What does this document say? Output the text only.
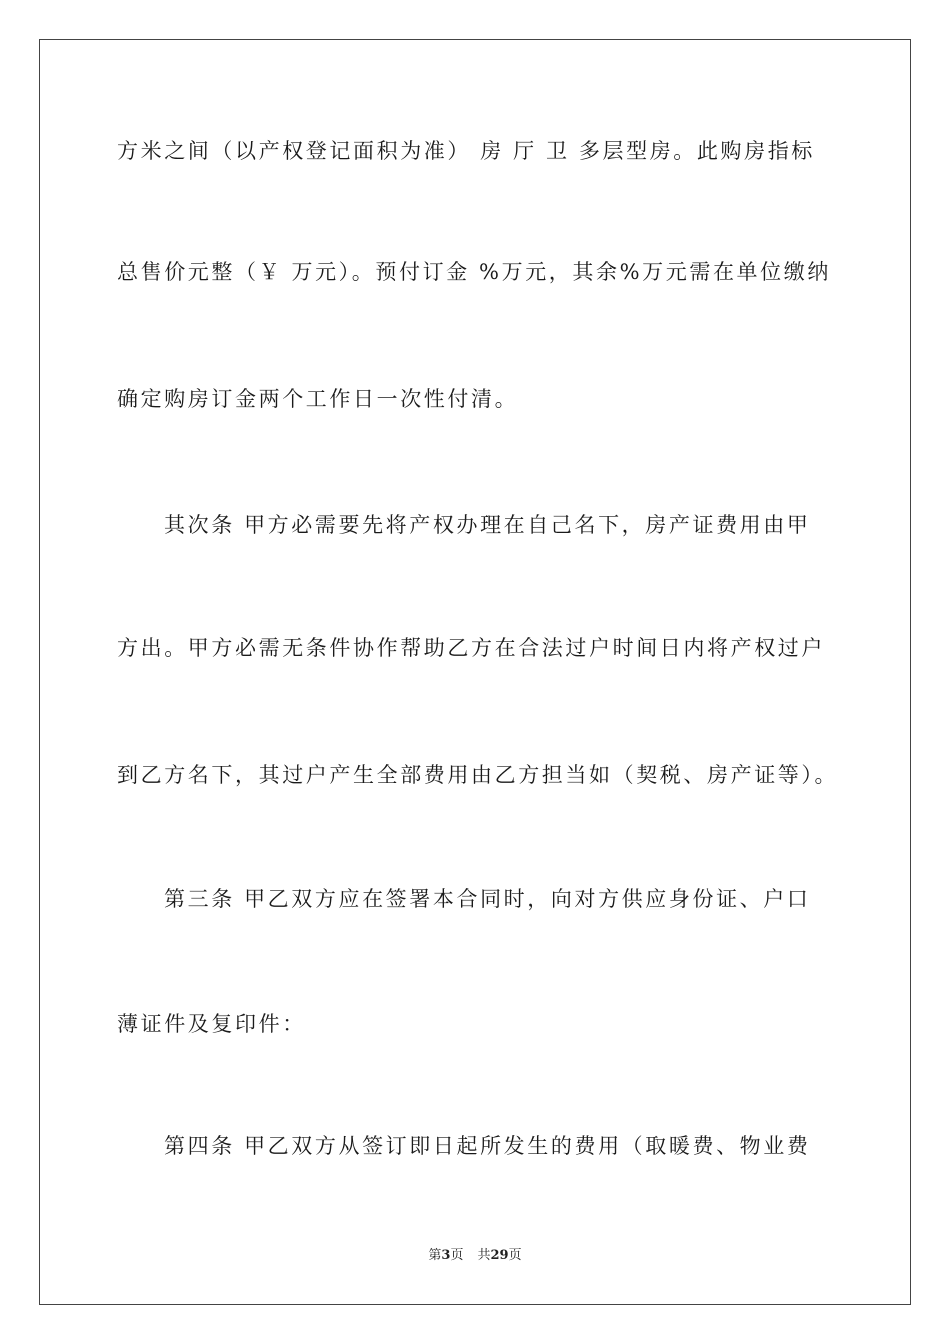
方米之间（以产权登记面积为准） 房 厅 卫 多层型房。此购房指标
总售价元整（￥ 万元）。预付订金 %万元，其余%万元需在单位缴纳
确定购房订金两个工作日一次性付清。
其次条 甲方必需要先将产权办理在自己名下，房产证费用由甲
方出。甲方必需无条件协作帮助乙方在合法过户时间日内将产权过户
到乙方名下，其过户产生全部费用由乙方担当如（契税、房产证等）。
第三条 甲乙双方应在签署本合同时，向对方供应身份证、户口
薄证件及复印件：
第四条 甲乙双方从签订即日起所发生的费用（取暖费、物业费
第3页 共29页
